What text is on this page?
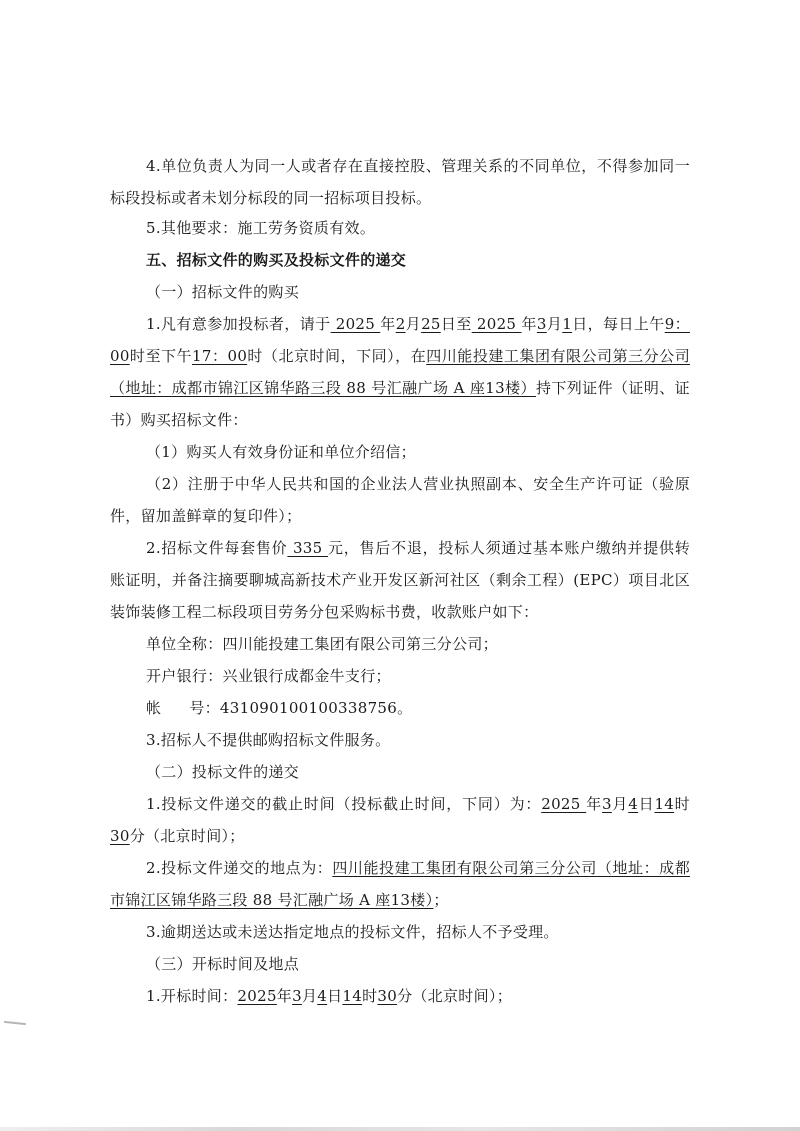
4.单位负责人为同一人或者存在直接控股、管理关系的不同单位，不得参加同一标段投标或者未划分标段的同一招标项目投标。

5.其他要求：施工劳务资质有效。

五、招标文件的购买及投标文件的递交

（一）招标文件的购买

1.凡有意参加投标者，请于 2025 年2月25日至 2025 年3月1日，每日上午9：00时至下午17：00时（北京时间，下同），在四川能投建工集团有限公司第三分公司（地址：成都市锦江区锦华路三段 88 号汇融广场 A 座13楼）持下列证件（证明、证书）购买招标文件：

（1）购买人有效身份证和单位介绍信；

（2）注册于中华人民共和国的企业法人营业执照副本、安全生产许可证（验原件，留加盖鲜章的复印件）；

2.招标文件每套售价 335 元，售后不退，投标人须通过基本账户缴纳并提供转账证明，并备注摘要聊城高新技术产业开发区新河社区（剩余工程）(EPC）项目北区装饰装修工程二标段项目劳务分包采购标书费，收款账户如下：

单位全称：四川能投建工集团有限公司第三分公司；

开户银行：兴业银行成都金牛支行；

帐 号：431090100100338756。

3.招标人不提供邮购招标文件服务。

（二）投标文件的递交

1.投标文件递交的截止时间（投标截止时间，下同）为：2025 年3月4日14时30分（北京时间）；

2.投标文件递交的地点为：四川能投建工集团有限公司第三分公司（地址：成都市锦江区锦华路三段 88 号汇融广场 A 座13楼）；

3.逾期送达或未送达指定地点的投标文件，招标人不予受理。

（三）开标时间及地点

1.开标时间：2025年3月4日14时30分（北京时间）；
